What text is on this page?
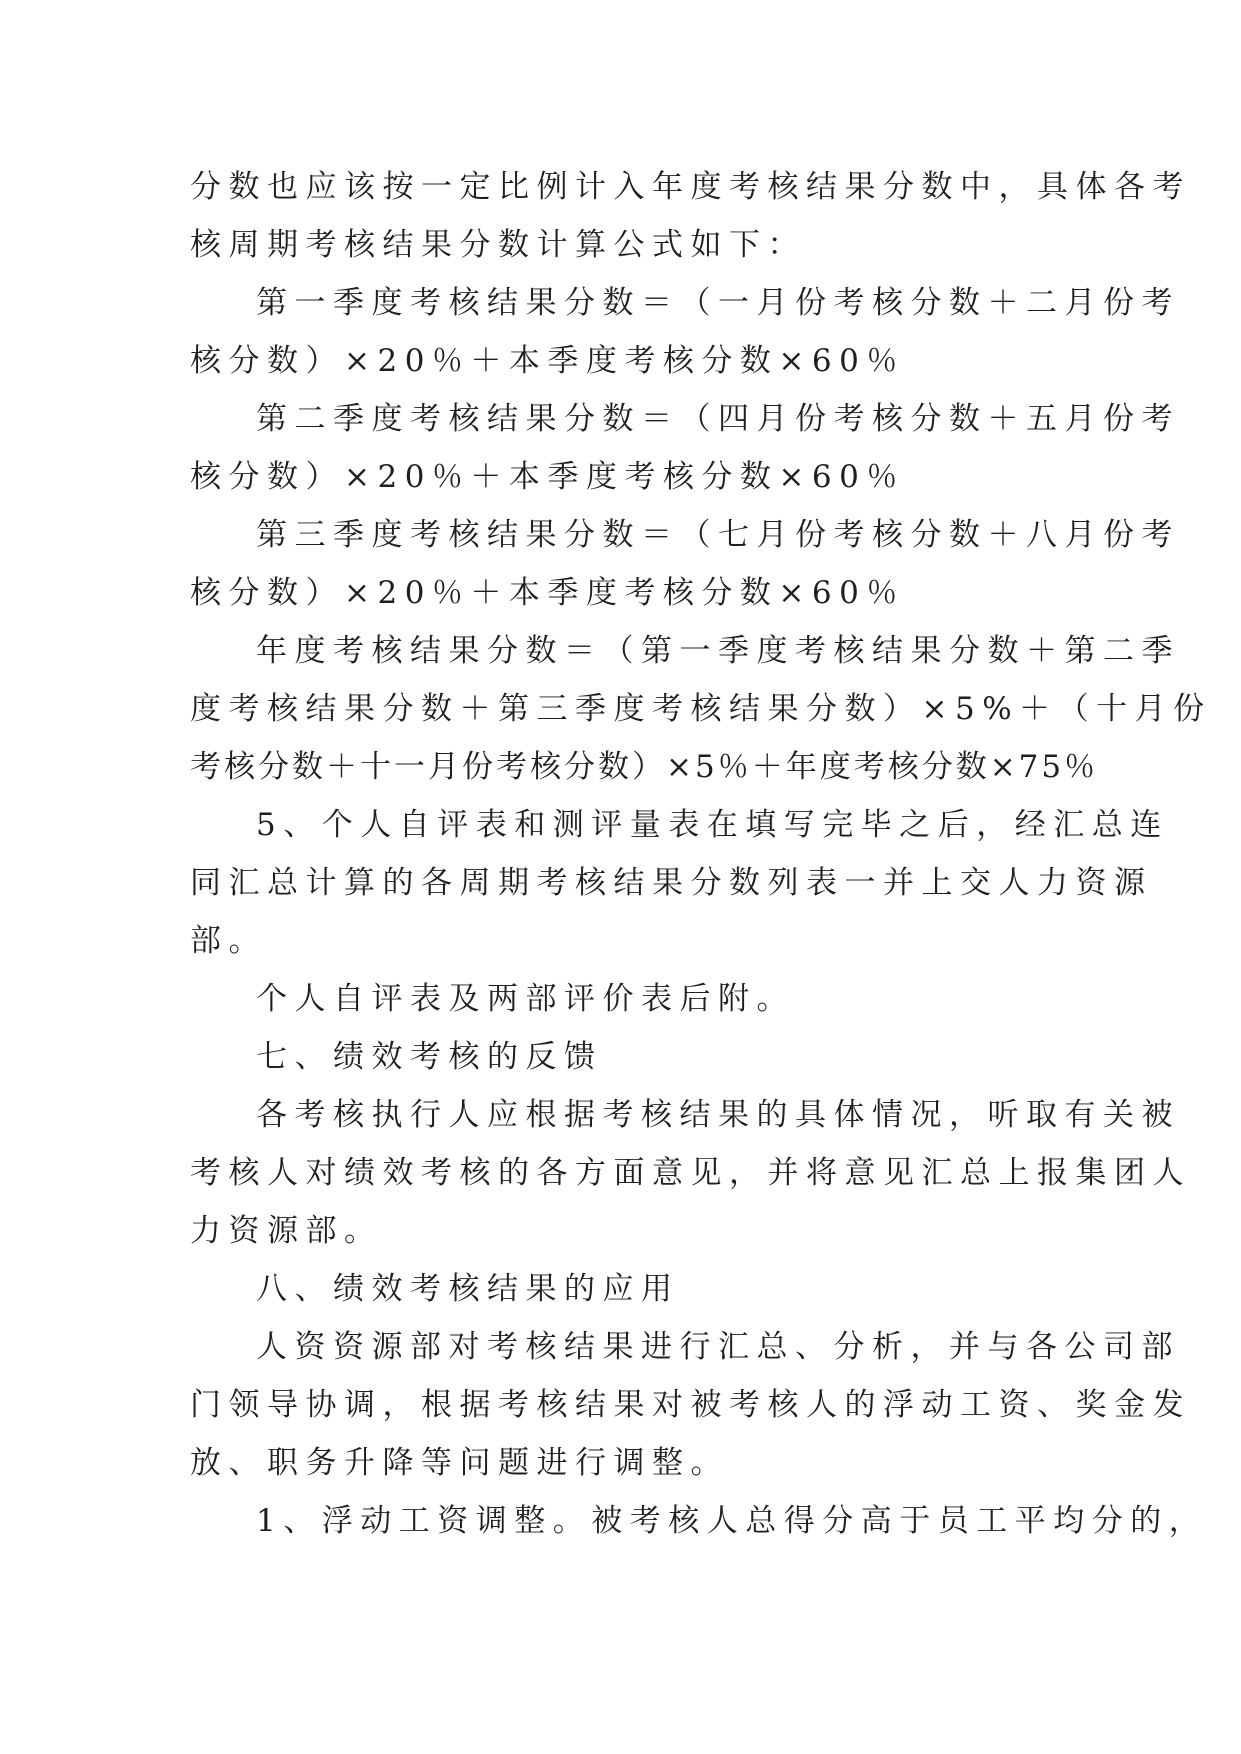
分数也应该按一定比例计入年度考核结果分数中，具体各考
核周期考核结果分数计算公式如下：
第一季度考核结果分数＝（一月份考核分数＋二月份考
核分数）×20％＋本季度考核分数×60％
第二季度考核结果分数＝（四月份考核分数＋五月份考
核分数）×20％＋本季度考核分数×60％
第三季度考核结果分数＝（七月份考核分数＋八月份考
核分数）×20％＋本季度考核分数×60％
年度考核结果分数＝（第一季度考核结果分数＋第二季
度考核结果分数＋第三季度考核结果分数）×5%＋（十月份
考核分数＋十一月份考核分数）×5％＋年度考核分数×75％
5、个人自评表和测评量表在填写完毕之后，经汇总连
同汇总计算的各周期考核结果分数列表一并上交人力资源
部。
个人自评表及两部评价表后附。
七、绩效考核的反馈
各考核执行人应根据考核结果的具体情况，听取有关被
考核人对绩效考核的各方面意见，并将意见汇总上报集团人
力资源部。
八、绩效考核结果的应用
人资资源部对考核结果进行汇总、分析，并与各公司部
门领导协调，根据考核结果对被考核人的浮动工资、奖金发
放、职务升降等问题进行调整。
1、浮动工资调整。被考核人总得分高于员工平均分的，
